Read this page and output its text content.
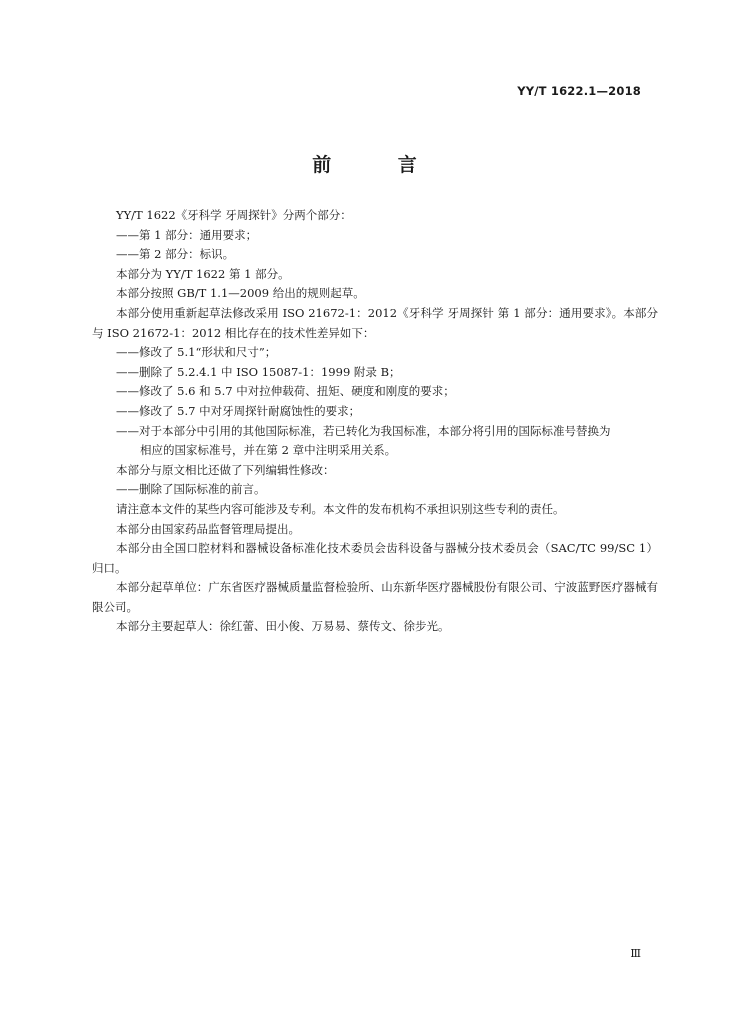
YY/T 1622.1—2018
前 言

YY/T 1622《牙科学 牙周探针》分两个部分：

——第 1 部分：通用要求；

——第 2 部分：标识。

本部分为 YY/T 1622 第 1 部分。

本部分按照 GB/T 1.1—2009 给出的规则起草。

本部分使用重新起草法修改采用 ISO 21672-1：2012《牙科学 牙周探针 第 1 部分：通用要求》。本部分与 ISO 21672-1：2012 相比存在的技术性差异如下：

——修改了 5.1“形状和尺寸”；

——删除了 5.2.4.1 中 ISO 15087-1：1999 附录 B；

——修改了 5.6 和 5.7 中对拉伸载荷、扭矩、硬度和刚度的要求；

——修改了 5.7 中对牙周探针耐腐蚀性的要求；

——对于本部分中引用的其他国际标准，若已转化为我国标准，本部分将引用的国际标准号替换为

相应的国家标准号，并在第 2 章中注明采用关系。

本部分与原文相比还做了下列编辑性修改：

——删除了国际标准的前言。

请注意本文件的某些内容可能涉及专利。本文件的发布机构不承担识别这些专利的责任。

本部分由国家药品监督管理局提出。

本部分由全国口腔材料和器械设备标准化技术委员会齿科设备与器械分技术委员会（SAC/TC 99/SC 1）归口。

本部分起草单位：广东省医疗器械质量监督检验所、山东新华医疗器械股份有限公司、宁波蓝野医疗器械有限公司。

本部分主要起草人：徐红蕾、田小俊、万易易、蔡传文、徐步光。

Ⅲ
